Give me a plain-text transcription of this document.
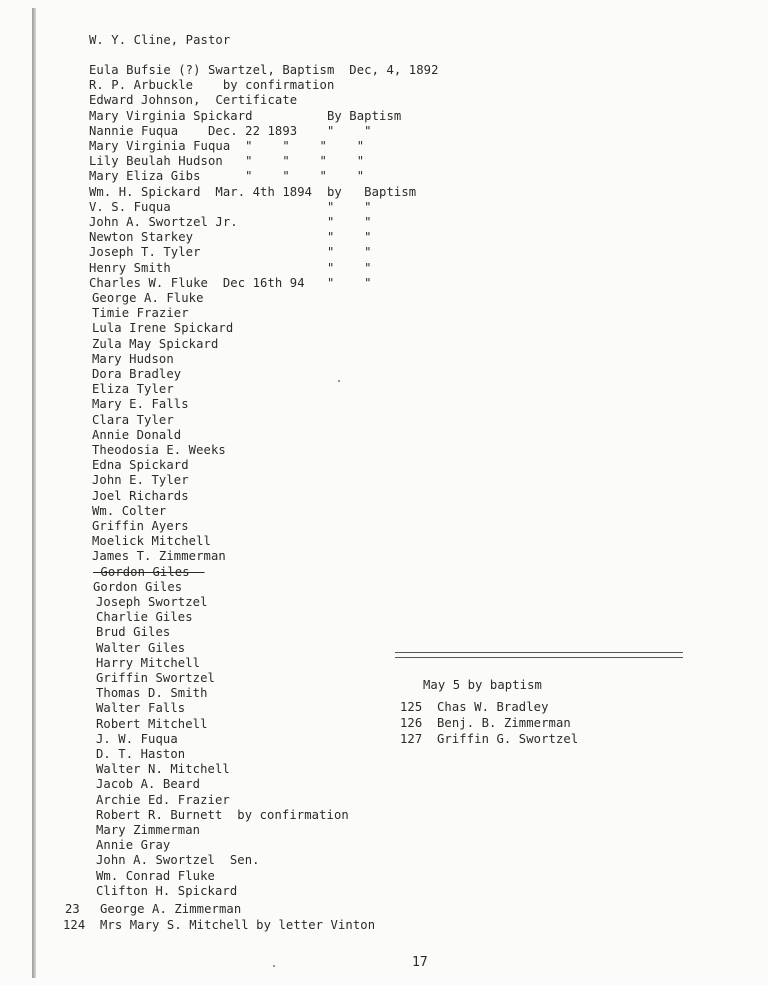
W. Y. Cline, Pastor
Eula Bufsie (?) Swartzel, Baptism  Dec, 4, 1892
R. P. Arbuckle    by confirmation
Edward Johnson,  Certificate
Mary Virginia Spickard          By Baptism
Nannie Fuqua    Dec. 22 1893    "    "
Mary Virginia Fuqua  "    "    "    "
Lily Beulah Hudson   "    "    "    "
Mary Eliza Gibs      "    "    "    "
Wm. H. Spickard  Mar. 4th 1894  by   Baptism
V. S. Fuqua                     "    "
John A. Swortzel Jr.            "    "
Newton Starkey                  "    "
Joseph T. Tyler                 "    "
Henry Smith                     "    "
Charles W. Fluke  Dec 16th 94   "    "
George A. Fluke
Timie Frazier
Lula Irene Spickard
Zula May Spickard
Mary Hudson
Dora Bradley
Eliza Tyler
Mary E. Falls
Clara Tyler
Annie Donald
Theodosia E. Weeks
Edna Spickard
John E. Tyler
Joel Richards
Wm. Colter
Griffin Ayers
Moelick Mitchell
James T. Zimmerman
-Gordon Giles--
Gordon Giles
Joseph Swortzel
Charlie Giles
Brud Giles
Walter Giles
Harry Mitchell
Griffin Swortzel
Thomas D. Smith
Walter Falls
Robert Mitchell
J. W. Fuqua
D. T. Haston
Walter N. Mitchell
Jacob A. Beard
Archie Ed. Frazier
Robert R. Burnett  by confirmation
Mary Zimmerman
Annie Gray
John A. Swortzel  Sen.
Wm. Conrad Fluke
Clifton H. Spickard
23 George A. Zimmerman
124 Mrs Mary S. Mitchell by letter Vinton
May 5 by baptism
125 Chas W. Bradley
126 Benj. B. Zimmerman
127 Griffin G. Swortzel
17
